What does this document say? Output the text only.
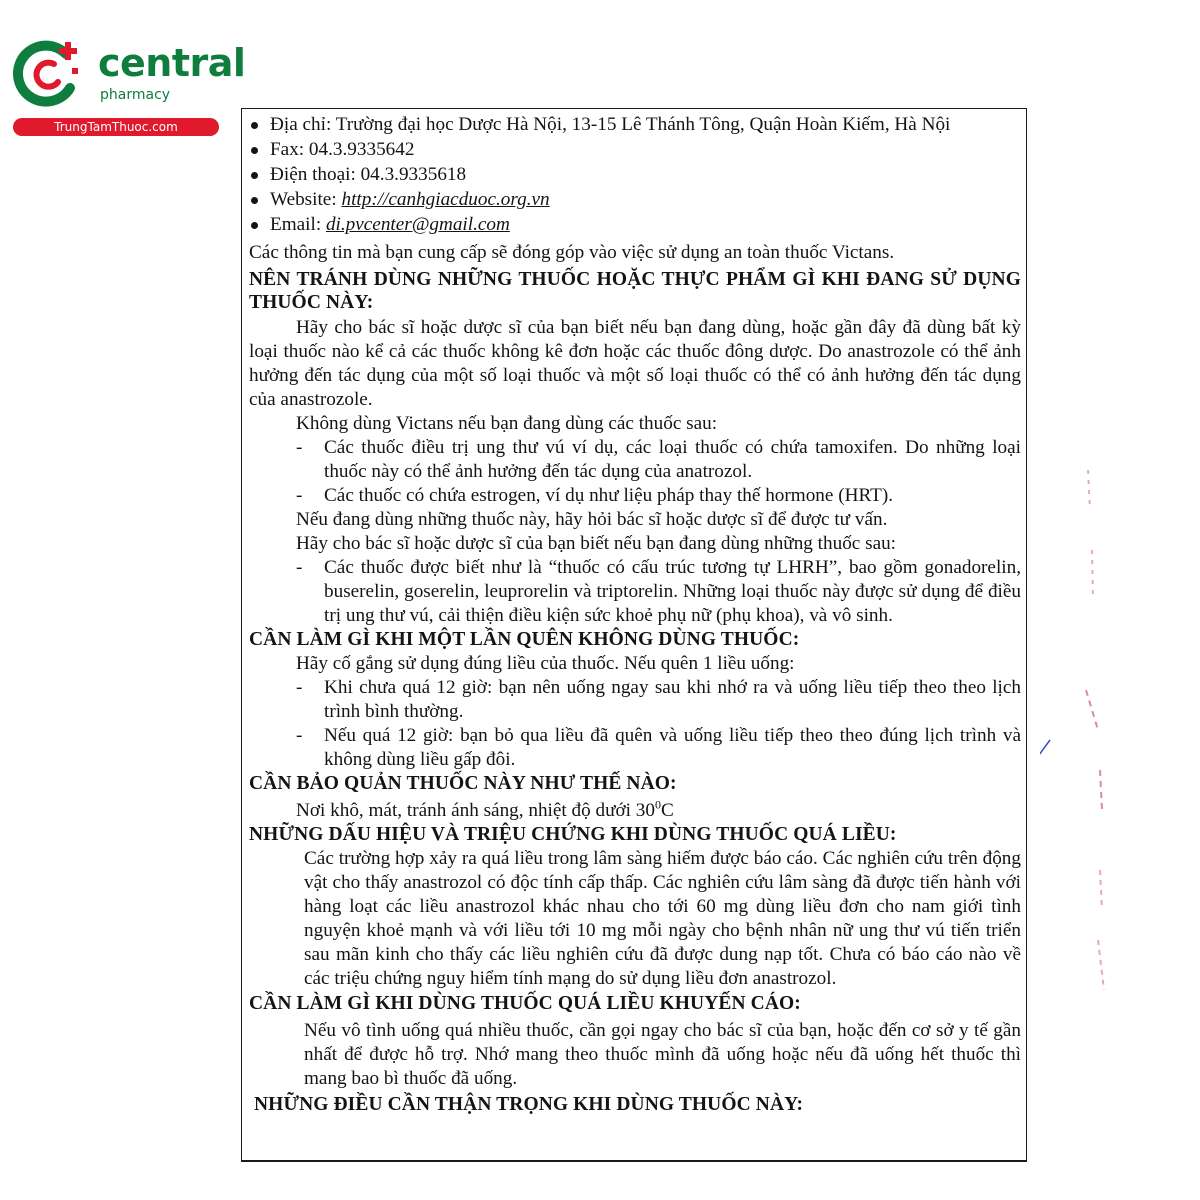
central
pharmacy
TrungTamThuoc.com	Địa chỉ: Trường đại học Dược Hà Nội, 13-15 Lê Thánh Tông, Quận Hoàn Kiếm, Hà Nội
Fax: 04.3.9335642
Điện thoại: 04.3.9335618
Website: http://canhgiacduoc.org.vn
Email: di.pvcenter@gmail.com

Các thông tin mà bạn cung cấp sẽ đóng góp vào việc sử dụng an toàn thuốc Victans.

NÊN TRÁNH DÙNG NHỮNG THUỐC HOẶC THỰC PHẨM GÌ KHI ĐANG SỬ DỤNG THUỐC NÀY:

Hãy cho bác sĩ hoặc dược sĩ của bạn biết nếu bạn đang dùng, hoặc gần đây đã dùng bất kỳ loại thuốc nào kể cả các thuốc không kê đơn hoặc các thuốc đông dược. Do anastrozole có thể ảnh hưởng đến tác dụng của một số loại thuốc và một số loại thuốc có thể có ảnh hưởng đến tác dụng của anastrozole.

Không dùng Victans nếu bạn đang dùng các thuốc sau:

- Các thuốc điều trị ung thư vú ví dụ, các loại thuốc có chứa tamoxifen. Do những loại thuốc này có thể ảnh hưởng đến tác dụng của anatrozol.

- Các thuốc có chứa estrogen, ví dụ như liệu pháp thay thế hormone (HRT).

Nếu đang dùng những thuốc này, hãy hỏi bác sĩ hoặc dược sĩ để được tư vấn.

Hãy cho bác sĩ hoặc dược sĩ của bạn biết nếu bạn đang dùng những thuốc sau:

- Các thuốc được biết như là “thuốc có cấu trúc tương tự LHRH”, bao gồm gonadorelin, buserelin, goserelin, leuprorelin và triptorelin. Những loại thuốc này được sử dụng để điều trị ung thư vú, cải thiện điều kiện sức khoẻ phụ nữ (phụ khoa), và vô sinh.

CẦN LÀM GÌ KHI MỘT LẦN QUÊN KHÔNG DÙNG THUỐC:

Hãy cố gắng sử dụng đúng liều của thuốc. Nếu quên 1 liều uống:

- Khi chưa quá 12 giờ: bạn nên uống ngay sau khi nhớ ra và uống liều tiếp theo theo lịch trình bình thường.

- Nếu quá 12 giờ: bạn bỏ qua liều đã quên và uống liều tiếp theo theo đúng lịch trình và không dùng liều gấp đôi.

CẦN BẢO QUẢN THUỐC NÀY NHƯ THẾ NÀO:

Nơi khô, mát, tránh ánh sáng, nhiệt độ dưới $30^0C$

NHỮNG DẤU HIỆU VÀ TRIỆU CHỨNG KHI DÙNG THUỐC QUÁ LIỀU:

Các trường hợp xảy ra quá liều trong lâm sàng hiếm được báo cáo. Các nghiên cứu trên động vật cho thấy anastrozol có độc tính cấp thấp. Các nghiên cứu lâm sàng đã được tiến hành với hàng loạt các liều anastrozol khác nhau cho tới 60 mg dùng liều đơn cho nam giới tình nguyện khoẻ mạnh và với liều tới 10 mg mỗi ngày cho bệnh nhân nữ ung thư vú tiến triển sau mãn kinh cho thấy các liều nghiên cứu đã được dung nạp tốt. Chưa có báo cáo nào về các triệu chứng nguy hiểm tính mạng do sử dụng liều đơn anastrozol.

CẦN LÀM GÌ KHI DÙNG THUỐC QUÁ LIỀU KHUYẾN CÁO:

Nếu vô tình uống quá nhiều thuốc, cần gọi ngay cho bác sĩ của bạn, hoặc đến cơ sở y tế gần nhất để được hỗ trợ. Nhớ mang theo thuốc mình đã uống hoặc nếu đã uống hết thuốc thì mang bao bì thuốc đã uống.

NHỮNG ĐIỀU CẦN THẬN TRỌNG KHI DÙNG THUỐC NÀY:
